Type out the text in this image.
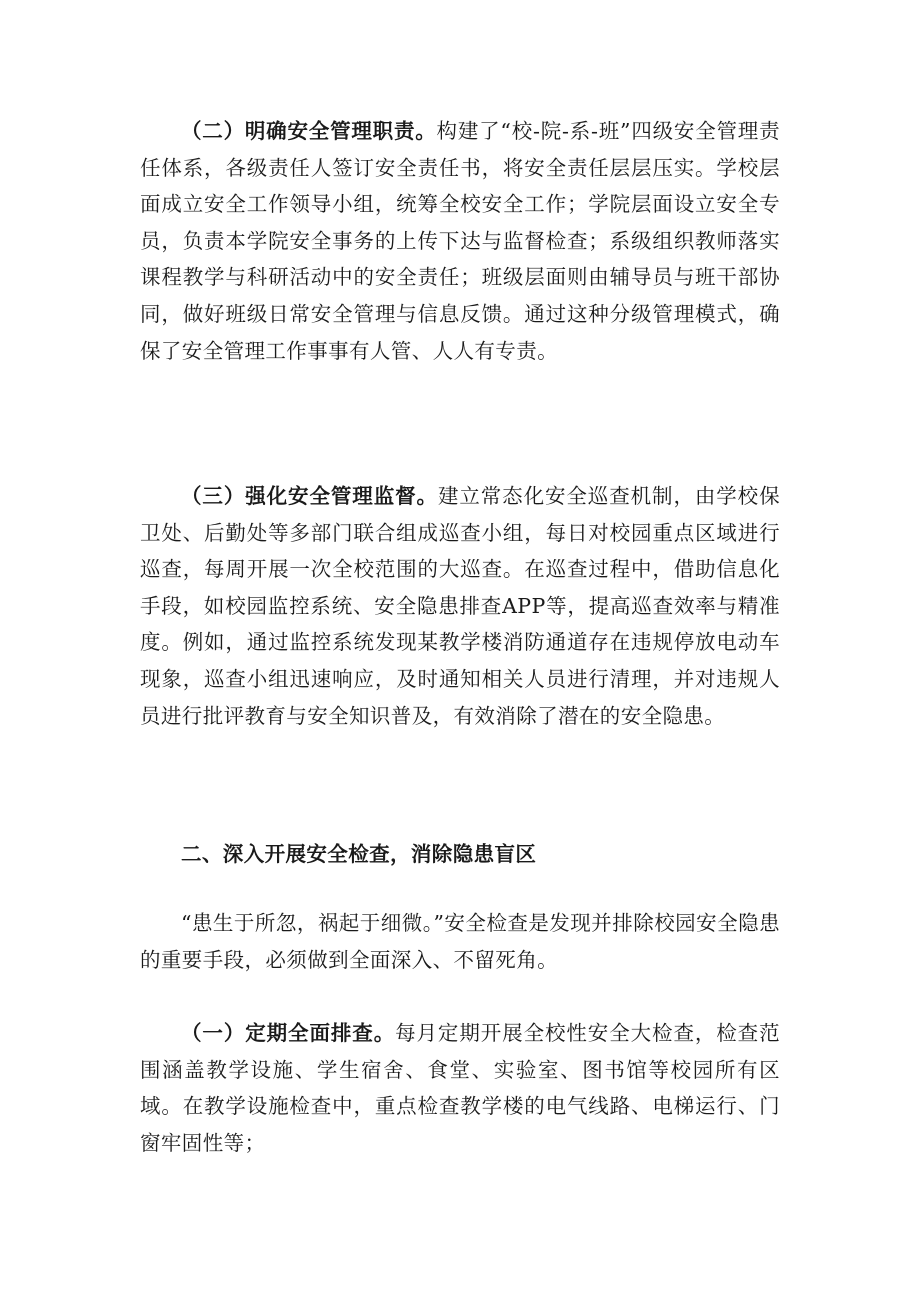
（二）明确安全管理职责。构建了“校-院-系-班”四级安全管理责任体系，各级责任人签订安全责任书，将安全责任层层压实。学校层面成立安全工作领导小组，统筹全校安全工作；学院层面设立安全专员，负责本学院安全事务的上传下达与监督检查；系级组织教师落实课程教学与科研活动中的安全责任；班级层面则由辅导员与班干部协同，做好班级日常安全管理与信息反馈。通过这种分级管理模式，确保了安全管理工作事事有人管、人人有专责。

（三）强化安全管理监督。建立常态化安全巡查机制，由学校保卫处、后勤处等多部门联合组成巡查小组，每日对校园重点区域进行巡查，每周开展一次全校范围的大巡查。在巡查过程中，借助信息化手段，如校园监控系统、安全隐患排查APP等，提高巡查效率与精准度。例如，通过监控系统发现某教学楼消防通道存在违规停放电动车现象，巡查小组迅速响应，及时通知相关人员进行清理，并对违规人员进行批评教育与安全知识普及，有效消除了潜在的安全隐患。

二、深入开展安全检查，消除隐患盲区

“患生于所忽，祸起于细微。”安全检查是发现并排除校园安全隐患的重要手段，必须做到全面深入、不留死角。

（一）定期全面排查。每月定期开展全校性安全大检查，检查范围涵盖教学设施、学生宿舍、食堂、实验室、图书馆等校园所有区域。在教学设施检查中，重点检查教学楼的电气线路、电梯运行、门窗牢固性等；
